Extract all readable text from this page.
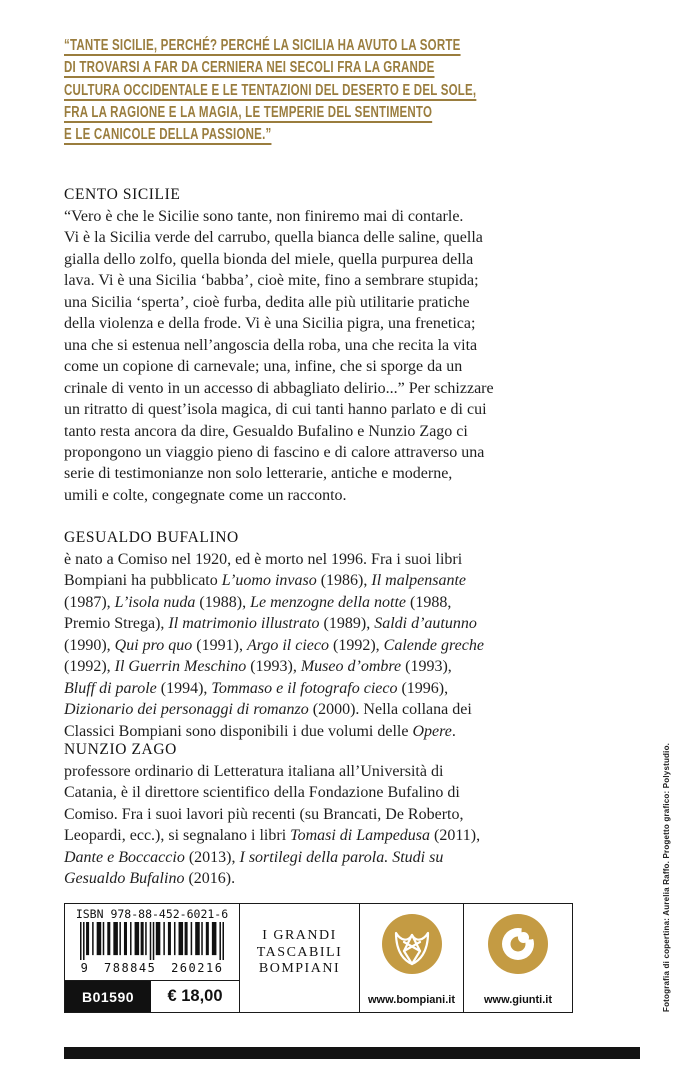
“TANTE SICILIE, PERCHÉ? PERCHÉ LA SICILIA HA AVUTO LA SORTE
DI TROVARSI A FAR DA CERNIERA NEI SECOLI FRA LA GRANDE
CULTURA OCCIDENTALE E LE TENTAZIONI DEL DESERTO E DEL SOLE,
FRA LA RAGIONE E LA MAGIA, LE TEMPERIE DEL SENTIMENTO
E LE CANICOLE DELLA PASSIONE.”
CENTO SICILIE
“Vero è che le Sicilie sono tante, non finiremo mai di contarle.
Vi è la Sicilia verde del carrubo, quella bianca delle saline, quella
gialla dello zolfo, quella bionda del miele, quella purpurea della
lava. Vi è una Sicilia ‘babba’, cioè mite, fino a sembrare stupida;
una Sicilia ‘sperta’, cioè furba, dedita alle più utilitarie pratiche
della violenza e della frode. Vi è una Sicilia pigra, una frenetica;
una che si estenua nell’angoscia della roba, una che recita la vita
come un copione di carnevale; una, infine, che si sporge da un
crinale di vento in un accesso di abbagliato delirio...” Per schizzare
un ritratto di quest’isola magica, di cui tanti hanno parlato e di cui
tanto resta ancora da dire, Gesualdo Bufalino e Nunzio Zago ci
propongono un viaggio pieno di fascino e di calore attraverso una
serie di testimonianze non solo letterarie, antiche e moderne,
umili e colte, congegnate come un racconto.
GESUALDO BUFALINO
è nato a Comiso nel 1920, ed è morto nel 1996. Fra i suoi libri
Bompiani ha pubblicato L’uomo invaso (1986), Il malpensante
(1987), L’isola nuda (1988), Le menzogne della notte (1988,
Premio Strega), Il matrimonio illustrato (1989), Saldi d’autunno
(1990), Qui pro quo (1991), Argo il cieco (1992), Calende greche
(1992), Il Guerrin Meschino (1993), Museo d’ombre (1993),
Bluff di parole (1994), Tommaso e il fotografo cieco (1996),
Dizionario dei personaggi di romanzo (2000). Nella collana dei
Classici Bompiani sono disponibili i due volumi delle Opere.
NUNZIO ZAGO
professore ordinario di Letteratura italiana all’Università di
Catania, è il direttore scientifico della Fondazione Bufalino di
Comiso. Fra i suoi lavori più recenti (su Brancati, De Roberto,
Leopardi, ecc.), si segnalano i libri Tomasi di Lampedusa (2011),
Dante e Boccaccio (2013), I sortilegi della parola. Studi su
Gesualdo Bufalino (2016).
ISBN 978-88-452-6021-6
9 788845 260216
B01590	€ 18,00
I GRANDI
TASCABILI
BOMPIANI
www.bompiani.it	www.giunti.it	Fotografia di copertina: Aurelia Raffo. Progetto grafico: Polystudio.
